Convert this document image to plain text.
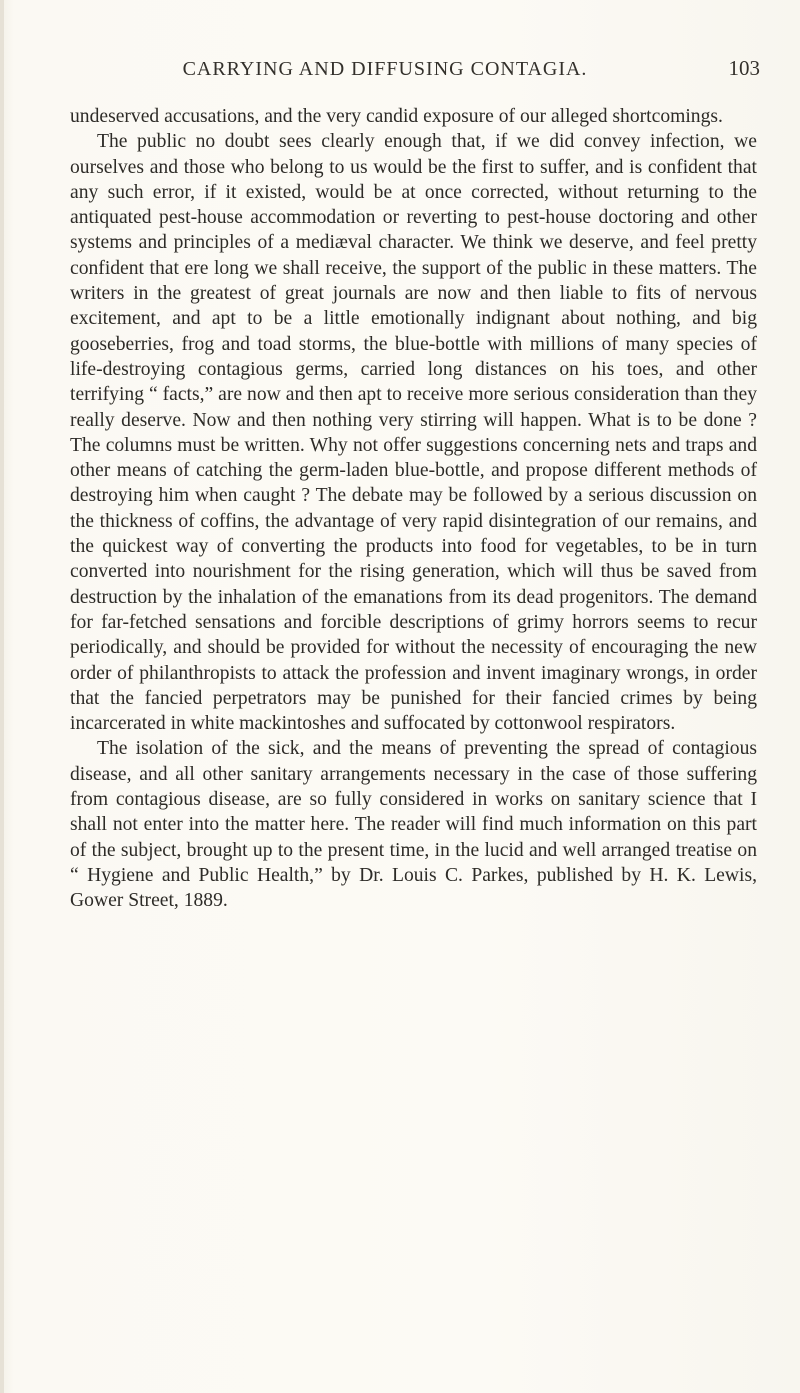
CARRYING AND DIFFUSING CONTAGIA.	103

undeserved accusations, and the very candid exposure of our alleged shortcomings.

The public no doubt sees clearly enough that, if we did convey infection, we ourselves and those who belong to us would be the first to suffer, and is confident that any such error, if it existed, would be at once corrected, without returning to the antiquated pest-house accommodation or reverting to pest-house doctoring and other systems and principles of a mediæval character. We think we deserve, and feel pretty confident that ere long we shall receive, the support of the public in these matters. The writers in the greatest of great journals are now and then liable to fits of nervous excitement, and apt to be a little emotionally indignant about nothing, and big gooseberries, frog and toad storms, the blue-bottle with millions of many species of life-destroying contagious germs, carried long distances on his toes, and other terrifying “ facts,” are now and then apt to receive more serious consideration than they really deserve. Now and then nothing very stirring will happen. What is to be done ? The columns must be written. Why not offer suggestions concerning nets and traps and other means of catching the germ-laden blue-bottle, and propose different methods of destroying him when caught ? The debate may be followed by a serious discussion on the thickness of coffins, the advantage of very rapid disintegration of our remains, and the quickest way of converting the products into food for vegetables, to be in turn converted into nourishment for the rising generation, which will thus be saved from destruction by the inhalation of the emanations from its dead progenitors. The demand for far-fetched sensations and forcible descriptions of grimy horrors seems to recur periodically, and should be provided for without the necessity of encouraging the new order of philanthropists to attack the profession and invent imaginary wrongs, in order that the fancied perpetrators may be punished for their fancied crimes by being incarcerated in white mackintoshes and suffocated by cottonwool respirators.

The isolation of the sick, and the means of preventing the spread of contagious disease, and all other sanitary arrangements necessary in the case of those suffering from contagious disease, are so fully considered in works on sanitary science that I shall not enter into the matter here. The reader will find much information on this part of the subject, brought up to the present time, in the lucid and well arranged treatise on “ Hygiene and Public Health,” by Dr. Louis C. Parkes, published by H. K. Lewis, Gower Street, 1889.
